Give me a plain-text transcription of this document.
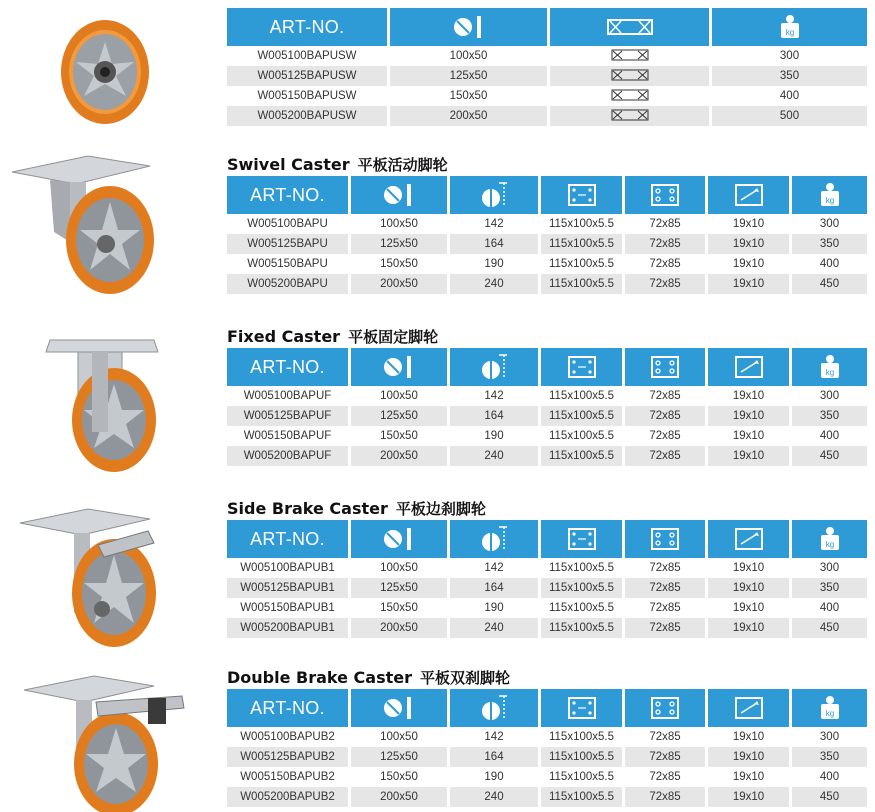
ART-NO.			kg

W005100BAPUSW	100x50		300
W005125BAPUSW	125x50		350
W005150BAPUSW	150x50		400
W005200BAPUSW	200x50		500
Swivel Caster 平板活动脚轮
ART-NO.						kg

W005100BAPU	100x50	142	115x100x5.5	72x85	19x10	300
W005125BAPU	125x50	164	115x100x5.5	72x85	19x10	350
W005150BAPU	150x50	190	115x100x5.5	72x85	19x10	400
W005200BAPU	200x50	240	115x100x5.5	72x85	19x10	450
Fixed Caster 平板固定脚轮
ART-NO.						kg

W005100BAPUF	100x50	142	115x100x5.5	72x85	19x10	300
W005125BAPUF	125x50	164	115x100x5.5	72x85	19x10	350
W005150BAPUF	150x50	190	115x100x5.5	72x85	19x10	400
W005200BAPUF	200x50	240	115x100x5.5	72x85	19x10	450
Side Brake Caster 平板边刹脚轮
ART-NO.						kg

W005100BAPUB1	100x50	142	115x100x5.5	72x85	19x10	300
W005125BAPUB1	125x50	164	115x100x5.5	72x85	19x10	350
W005150BAPUB1	150x50	190	115x100x5.5	72x85	19x10	400
W005200BAPUB1	200x50	240	115x100x5.5	72x85	19x10	450
Double Brake Caster 平板双刹脚轮
ART-NO.						kg

W005100BAPUB2	100x50	142	115x100x5.5	72x85	19x10	300
W005125BAPUB2	125x50	164	115x100x5.5	72x85	19x10	350
W005150BAPUB2	150x50	190	115x100x5.5	72x85	19x10	400
W005200BAPUB2	200x50	240	115x100x5.5	72x85	19x10	450
